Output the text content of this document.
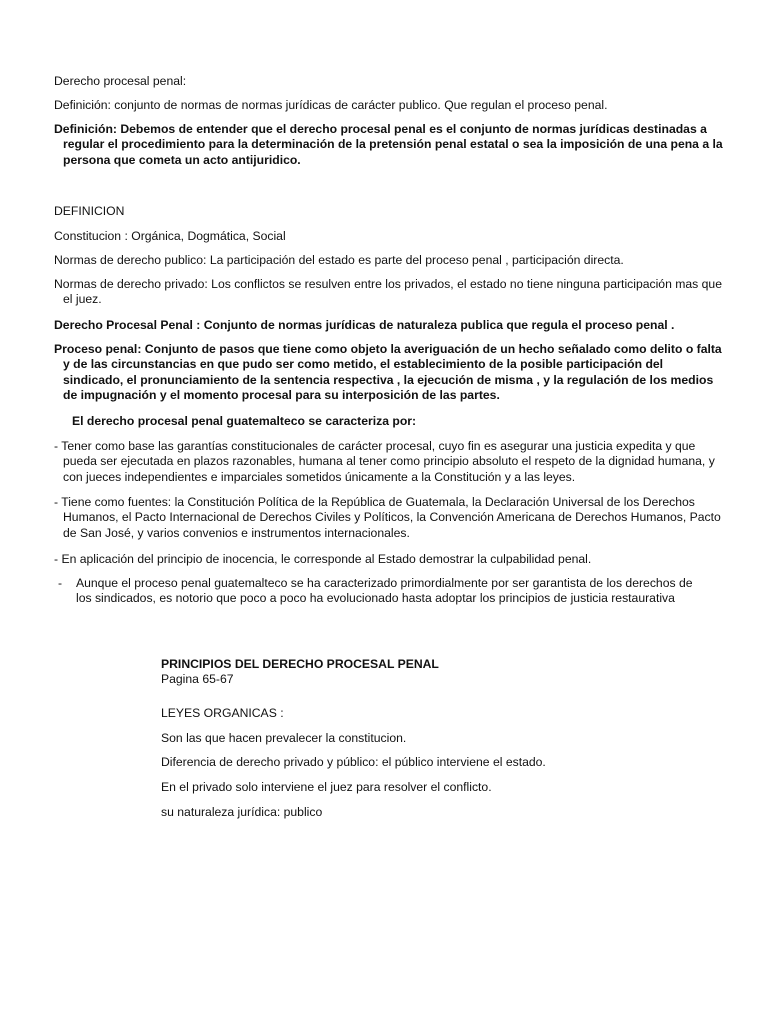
Derecho procesal penal:

Definición: conjunto de normas de normas jurídicas de carácter publico. Que regulan el proceso penal.

Definición: Debemos de entender que el derecho procesal penal es el conjunto de normas jurídicas destinadas a regular el procedimiento para la determinación de la pretensión penal estatal o sea la imposición de una pena a la persona que cometa un acto antijuridico.

DEFINICION

Constitucion : Orgánica, Dogmática, Social

Normas de derecho publico: La participación del estado es parte del proceso penal , participación directa.

Normas de derecho privado: Los conflictos se resulven entre los privados, el estado no tiene ninguna participación mas que el juez.

Derecho Procesal Penal : Conjunto de normas jurídicas de naturaleza publica que regula el proceso penal .

Proceso penal: Conjunto de pasos que tiene como objeto la averiguación de un hecho señalado como delito o falta y de las circunstancias en que pudo ser como metido, el establecimiento de la posible participación del sindicado, el pronunciamiento de la sentencia respectiva , la ejecución de misma , y la regulación de los medios de impugnación y el momento procesal para su interposición de las partes.

El derecho procesal penal guatemalteco se caracteriza por:

- Tener como base las garantías constitucionales de carácter procesal, cuyo fin es asegurar una justicia expedita y que pueda ser ejecutada en plazos razonables, humana al tener como principio absoluto el respeto de la dignidad humana, y con jueces independientes e imparciales sometidos únicamente a la Constitución y a las leyes.

- Tiene como fuentes: la Constitución Política de la República de Guatemala, la Declaración Universal de los Derechos Humanos, el Pacto Internacional de Derechos Civiles y Políticos, la Convención Americana de Derechos Humanos, Pacto de San José, y varios convenios e instrumentos internacionales.

- En aplicación del principio de inocencia, le corresponde al Estado demostrar la culpabilidad penal.

- Aunque el proceso penal guatemalteco se ha caracterizado primordialmente por ser garantista de los derechos de los sindicados, es notorio que poco a poco ha evolucionado hasta adoptar los principios de justicia restaurativa

PRINCIPIOS DEL DERECHO PROCESAL PENAL

Pagina 65-67

LEYES ORGANICAS :

Son las que hacen prevalecer la constitucion.

Diferencia de derecho privado y público: el público interviene el estado.

En el privado solo interviene el juez para resolver el conflicto.

su naturaleza jurídica: publico
